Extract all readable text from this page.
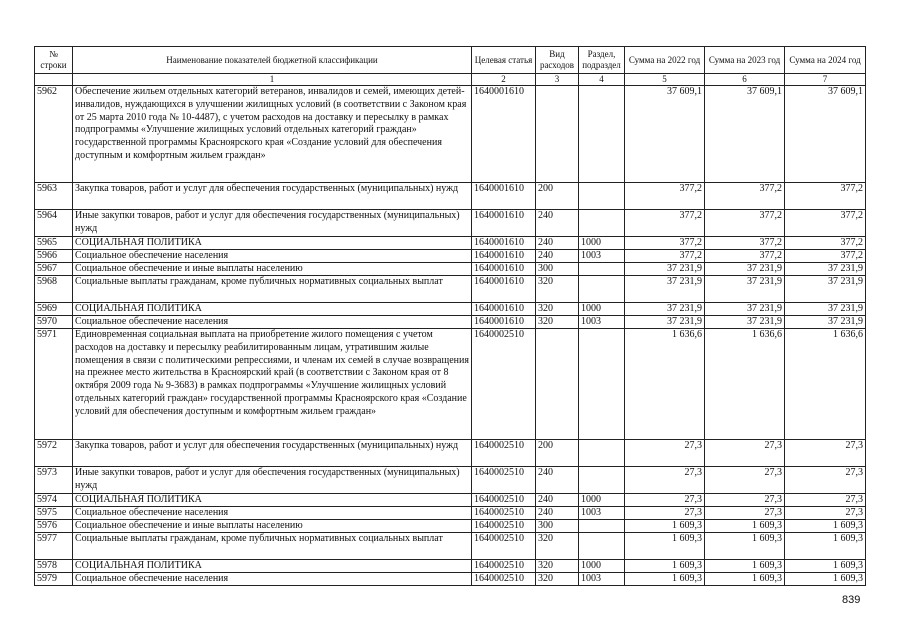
№ строки	Наименование показателей бюджетной классификации	Целевая статья	Вид расходов	Раздел, подраздел	Сумма на 2022 год	Сумма на 2023 год	Сумма на 2024 год
	1	2	3	4	5	6	7
5962	Обеспечение жильем отдельных категорий ветеранов, инвалидов и семей, имеющих детей-инвалидов, нуждающихся в улучшении жилищных условий (в соответствии с Законом края от 25 марта 2010 года № 10-4487), с учетом расходов на доставку и пересылку в рамках подпрограммы «Улучшение жилищных условий отдельных категорий граждан» государственной программы Красноярского края «Создание условий для обеспечения доступным и комфортным жильем граждан»	1640001610			37 609,1	37 609,1	37 609,1
5963	Закупка товаров, работ и услуг для обеспечения государственных (муниципальных) нужд	1640001610	200		377,2	377,2	377,2
5964	Иные закупки товаров, работ и услуг для обеспечения государственных (муниципальных) нужд	1640001610	240		377,2	377,2	377,2
5965	СОЦИАЛЬНАЯ ПОЛИТИКА	1640001610	240	1000	377,2	377,2	377,2
5966	Социальное обеспечение населения	1640001610	240	1003	377,2	377,2	377,2
5967	Социальное обеспечение и иные выплаты населению	1640001610	300		37 231,9	37 231,9	37 231,9
5968	Социальные выплаты гражданам, кроме публичных нормативных социальных выплат	1640001610	320		37 231,9	37 231,9	37 231,9
5969	СОЦИАЛЬНАЯ ПОЛИТИКА	1640001610	320	1000	37 231,9	37 231,9	37 231,9
5970	Социальное обеспечение населения	1640001610	320	1003	37 231,9	37 231,9	37 231,9
5971	Единовременная социальная выплата на приобретение жилого помещения с учетом расходов на доставку и пересылку реабилитированным лицам, утратившим жилые помещения в связи с политическими репрессиями, и членам их семей в случае возвращения на прежнее место жительства в Красноярский край (в соответствии с Законом края от 8 октября 2009 года № 9-3683) в рамках подпрограммы «Улучшение жилищных условий отдельных категорий граждан» государственной программы Красноярского края «Создание условий для обеспечения доступным и комфортным жильем граждан»	1640002510			1 636,6	1 636,6	1 636,6
5972	Закупка товаров, работ и услуг для обеспечения государственных (муниципальных) нужд	1640002510	200		27,3	27,3	27,3
5973	Иные закупки товаров, работ и услуг для обеспечения государственных (муниципальных) нужд	1640002510	240		27,3	27,3	27,3
5974	СОЦИАЛЬНАЯ ПОЛИТИКА	1640002510	240	1000	27,3	27,3	27,3
5975	Социальное обеспечение населения	1640002510	240	1003	27,3	27,3	27,3
5976	Социальное обеспечение и иные выплаты населению	1640002510	300		1 609,3	1 609,3	1 609,3
5977	Социальные выплаты гражданам, кроме публичных нормативных социальных выплат	1640002510	320		1 609,3	1 609,3	1 609,3
5978	СОЦИАЛЬНАЯ ПОЛИТИКА	1640002510	320	1000	1 609,3	1 609,3	1 609,3
5979	Социальное обеспечение населения	1640002510	320	1003	1 609,3	1 609,3	1 609,3
839
